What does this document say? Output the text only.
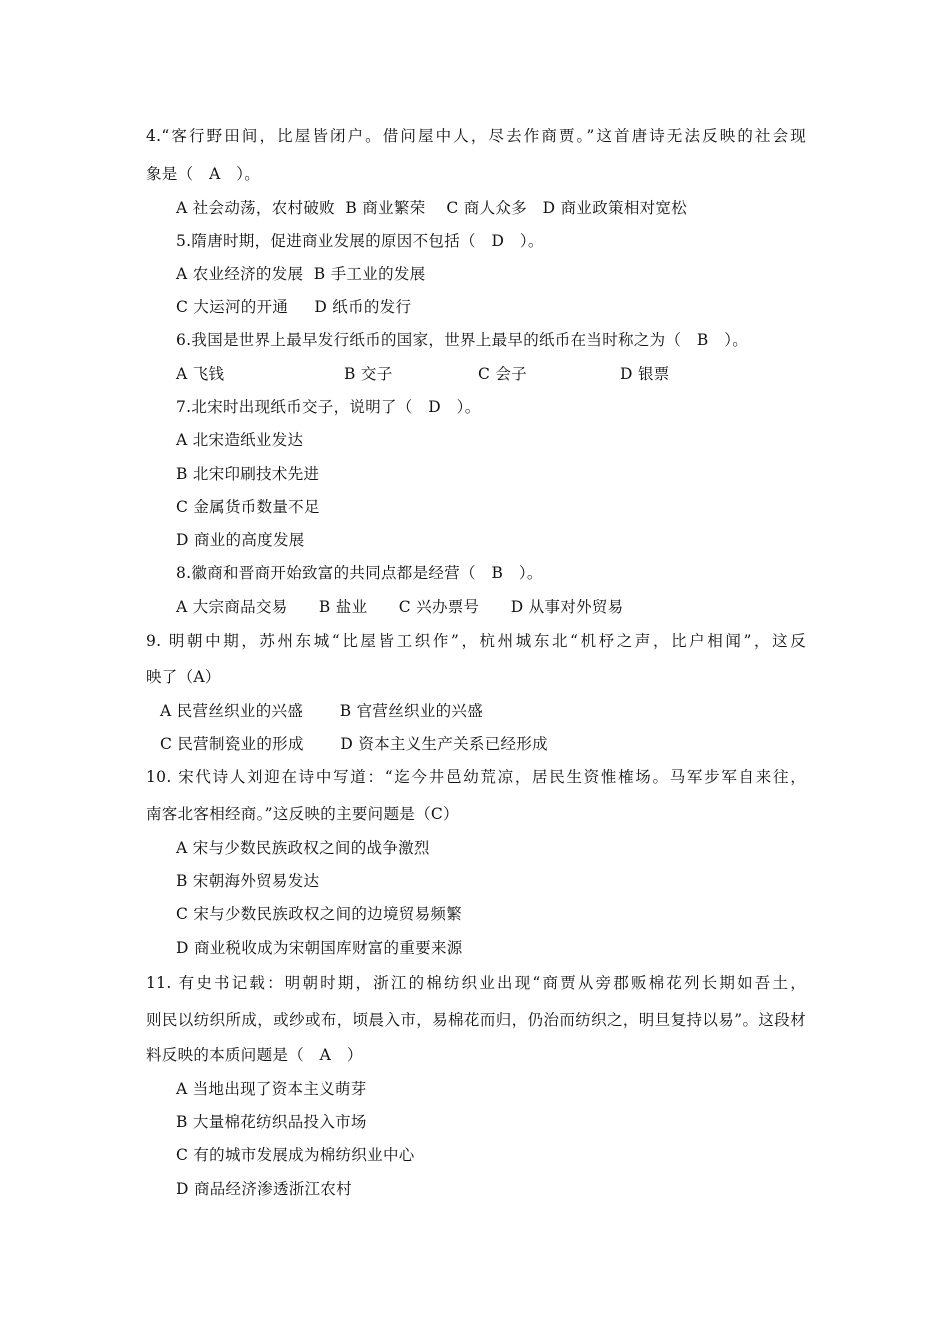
4.“客行野田间，比屋皆闭户。借问屋中人，尽去作商贾。”这首唐诗无法反映的社会现
象是（   A   ）。
A 社会动荡，农村破败  B 商业繁荣    C 商人众多   D 商业政策相对宽松
5.隋唐时期，促进商业发展的原因不包括（   D   ）。
A 农业经济的发展  B 手工业的发展
C 大运河的开通     D 纸币的发行
6.我国是世界上最早发行纸币的国家，世界上最早的纸币在当时称之为（   B   ）。
A 飞钱	B 交子	C 会子	D 银票
7.北宋时出现纸币交子，说明了（   D   ）。
A 北宋造纸业发达
B 北宋印刷技术先进
C 金属货币数量不足
D 商业的高度发展
8.徽商和晋商开始致富的共同点都是经营（   B   ）。
A 大宗商品交易      B 盐业      C 兴办票号      D 从事对外贸易
9. 明朝中期，苏州东城“比屋皆工织作”，杭州城东北“机杼之声，比户相闻”，这反
映了（A）
A 民营丝织业的兴盛       B 官营丝织业的兴盛
C 民营制瓷业的形成       D 资本主义生产关系已经形成
10. 宋代诗人刘迎在诗中写道：“迄今井邑幼荒凉，居民生资惟榷场。马军步军自来往，
南客北客相经商。”这反映的主要问题是（C）
A 宋与少数民族政权之间的战争激烈
B 宋朝海外贸易发达
C 宋与少数民族政权之间的边境贸易频繁
D 商业税收成为宋朝国库财富的重要来源
11. 有史书记载：明朝时期，浙江的棉纺织业出现“商贾从旁郡贩棉花列长期如吾土，
则民以纺织所成，或纱或布，顷晨入市，易棉花而归，仍治而纺织之，明旦复持以易”。这段材
料反映的本质问题是（   A   ）
A 当地出现了资本主义萌芽
B 大量棉花纺织品投入市场
C 有的城市发展成为棉纺织业中心
D 商品经济渗透浙江农村
